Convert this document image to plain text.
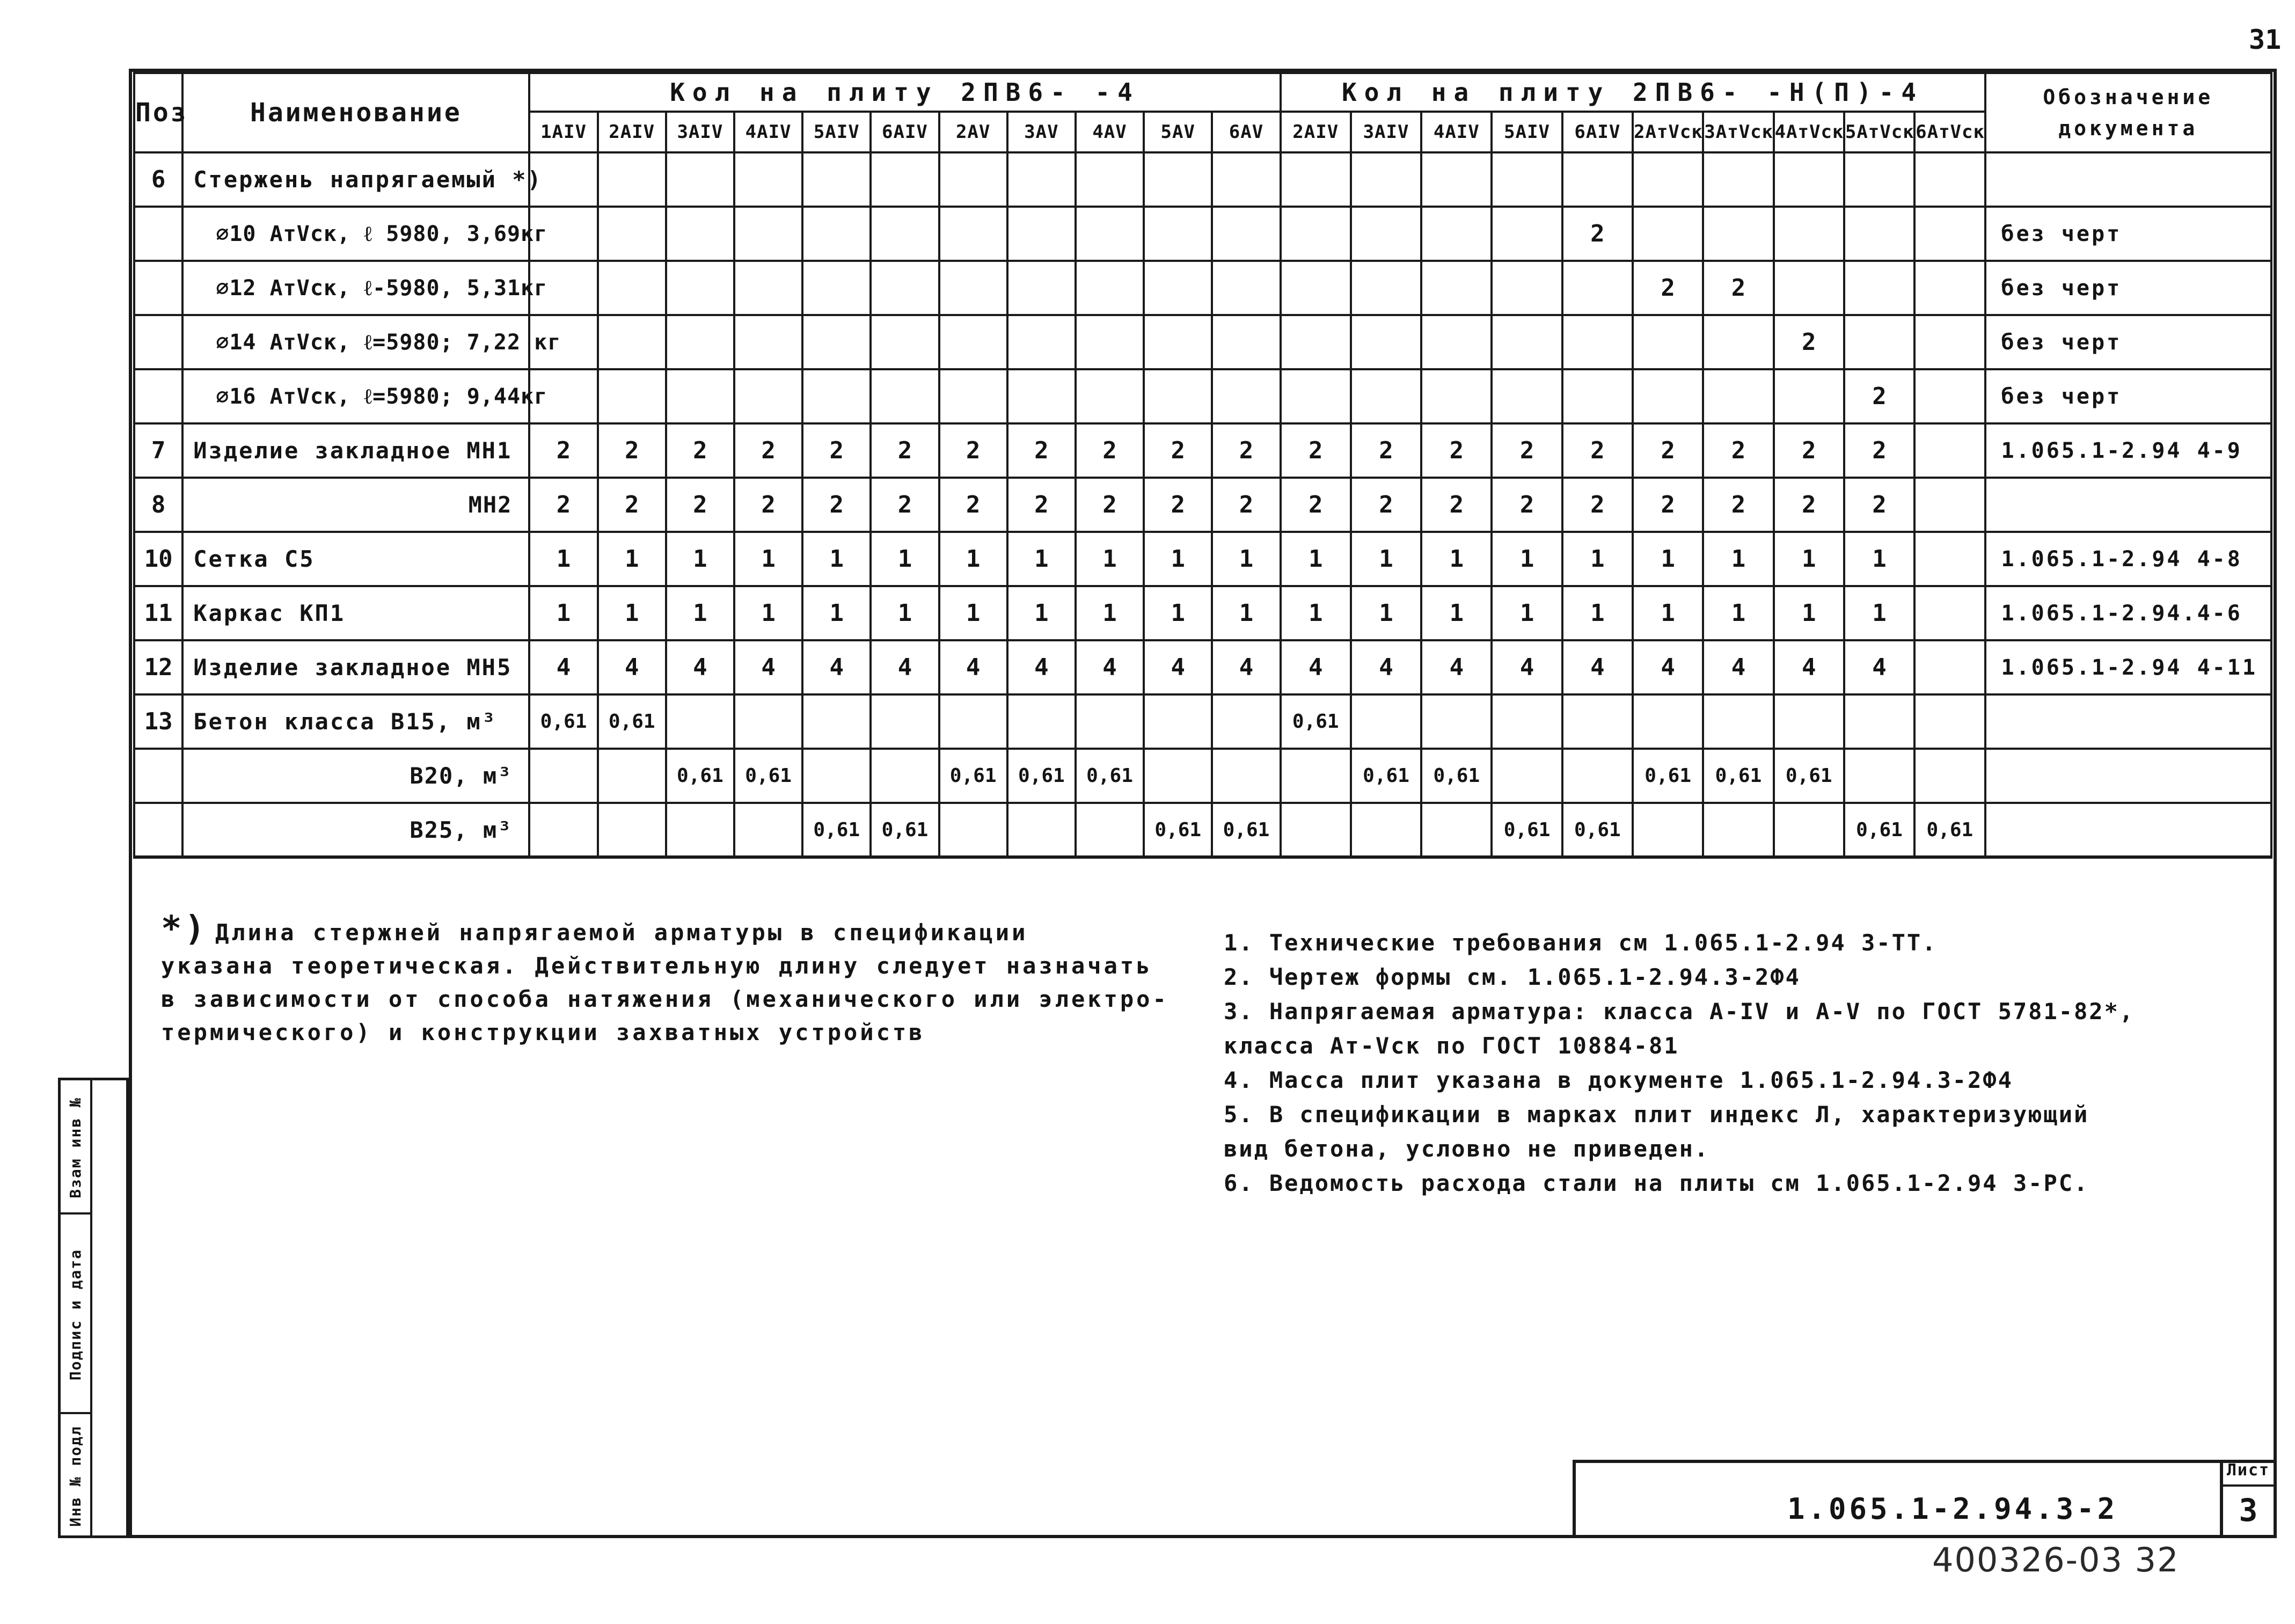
31
Поз	Наименование	Кол на плиту 2ПВ6- -4											Кол на плиту 2ПВ6- -Н(П)-4										Обозначение документа
		1АIV	2АIV	3АIV	4АIV	5АIV	6АIV	2АV	3АV	4АV	5АV	6АV	2АIV	3АIV	4АIV	5АIV	6АIV	2АтVск	3АтVск	4АтVск	5АтVск	6АтVск	
6	Стержень напрягаемый *)																						
	⌀10 АтVск, ℓ 5980, 3,69кг																2						без черт
	⌀12 АтVск, ℓ-5980, 5,31кг																	2	2				без черт
	⌀14 АтVск, ℓ=5980; 7,22 кг																			2			без черт
	⌀16 АтVск, ℓ=5980; 9,44кг																				2		без черт
7	Изделие закладное МН1	2	2	2	2	2	2	2	2	2	2	2	2	2	2	2	2	2	2	2	2		1.065.1-2.94 4-9
8	МН2	2	2	2	2	2	2	2	2	2	2	2	2	2	2	2	2	2	2	2	2		
10	Сетка С5	1	1	1	1	1	1	1	1	1	1	1	1	1	1	1	1	1	1	1	1		1.065.1-2.94 4-8
11	Каркас КП1	1	1	1	1	1	1	1	1	1	1	1	1	1	1	1	1	1	1	1	1		1.065.1-2.94.4-6
12	Изделие закладное МН5	4	4	4	4	4	4	4	4	4	4	4	4	4	4	4	4	4	4	4	4		1.065.1-2.94 4-11
13	Бетон класса В15, м³	0,61	0,61										0,61										
	В20, м³			0,61	0,61			0,61	0,61	0,61				0,61	0,61			0,61	0,61	0,61			
	В25, м³					0,61	0,61				0,61	0,61				0,61	0,61				0,61	0,61	
*) Длина стержней напрягаемой арматуры в спецификации
указана теоретическая. Действительную длину следует назначать
в зависимости от способа натяжения (механического или электро-
термического) и конструкции захватных устройств
1. Технические требования см 1.065.1-2.94 3-ТТ.
2. Чертеж формы см. 1.065.1-2.94.3-2Ф4
3. Напрягаемая арматура: класса А-IV и А-V по ГОСТ 5781-82*,
класса Ат-Vск по ГОСТ 10884-81
4. Масса плит указана в документе 1.065.1-2.94.3-2Ф4
5. В спецификации в марках плит индекс Л, характеризующий
вид бетона, условно не приведен.
6. Ведомость расхода стали на плиты см 1.065.1-2.94 3-РС.
Взам инв №
Подпис и дата
Инв № подл	1.065.1-2.94.3-2
Лист
3
400326-03 32
